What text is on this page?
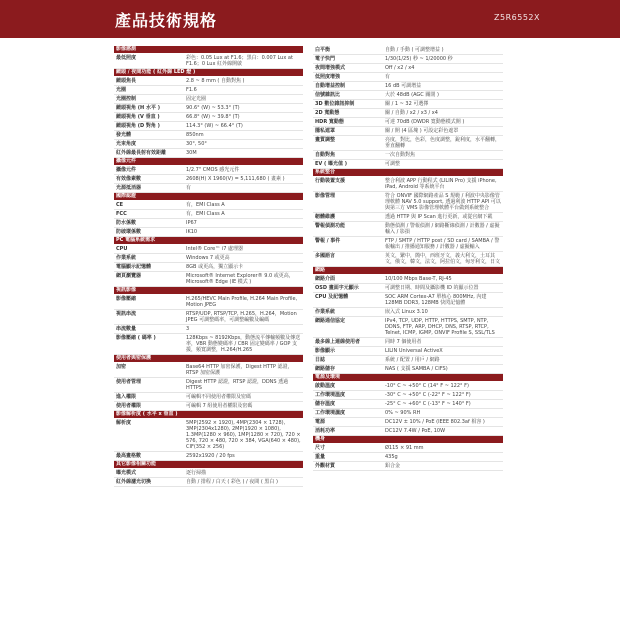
產品技術規格	Z5R6552X
影像感測
最低照度	彩色：0.05 Lux at F1.6；黑白：0.007 Lux at F1.6；0 Lux 紅外線開啟
鏡頭 / 夜間功能 ( 紅外線 LED 燈 )
鏡頭焦長	2.8 ~ 8 mm ( 自動對焦 )
光圈	F1.6
光圈控制	固定光圈
鏡頭視角 (H 水平 )	90.6° (W) ~ 53.3° (T)
鏡頭視角 (V 垂直 )	66.8° (W) ~ 39.8° (T)
鏡頭視角 (D 對角 )	114.3° (W) ~ 66.4° (T)
發光體	850nm
光束角度	30°, 50°
紅外線最長射有效距離	30M
攝像元件
攝像元件	1/2.7" CMOS 感光元件
有效像素數	2608(H) X 1960(V) = 5,111,680 ( 畫素 )
光源抵消器	有
國際認證
CE	有，EMI Class A
FCC	有，EMI Class A
防水係數	IP67
防破壞係數	IK10
PC 電腦系統需求
CPU	Intel® Core™ i7 處理器
作業系統	Windows 7 或更高
電腦顯示記憶體	8GB 或更高，獨立顯示卡
網頁瀏覽器	Microsoft® Internet Explorer® 9.0 或更高，Microsoft® Edge (IE 模式 )
視訊影像
影像壓縮	H.265/HEVC Main Profile, H.264 Main Profile, Motion JPEG
視訊串流	RTSP/UDP, RTSP/TCP, H.265，H.264，Motion JPEG 可調整碼率，可調整編數及編碼
串流數量	3
影像壓縮 ( 碼率 )	128Kbps ~ 8192Kbps，動態流平傳輸頻數及傳送率，VBR 動態變碼率 / CBR 固定變碼率 / GOP 支援，頻寬調整，H.264/H.265
使用者與密保護
加密	Base64 HTTP 加密保護，Digest HTTP 認證，RTSP 加密保護
使用者管理	Digest HTTP 認證，RTSP 認證，DDNS 透過 HTTPS
進入權限	可編輯不同使用者權限及密碼
使用者權限	可編輯 7 組使用者權限及密碼
影像解析度 ( 水平 x 垂直 )
解析度	5MP(2592 × 1920), 4MP(2304 × 1728), 3MP(2304x1280), 2MP(1920 × 1080), 1.3MP(1280 × 960), 1MP(1280 × 720), 720 × 576, 720 × 480, 720 × 384, VGA(640 × 480), CIF(352 × 256)
最高畫格數	2592x1920 / 20 fps
其它影像相關功能
曝光模式	逐行掃描
紅外線濾光切換	自動 / 排程 / 白天 ( 彩色 ) / 夜間 ( 黑白 )
白平衡	自動 / 手動 ( 可調整增益 )
電子快門	1/30(1/25) 秒 ~ 1/20000 秒
夜間增強模式	Off / x2 / x4
低照度增強	有
自動增益控制	16 dB 可調增益
信號雜訊比	大於 48dB (AGC 關閉 )
3D 數位雜訊抑制	關 / 1 ~ 32 可選擇
2D 寬動態	關 / 自動 / x2 / x3 / x4
HDR 寬動態	可達 70dB (DWDR 寬動態模式開 )
隱私遮罩	關 / 開 (4 區塊 ) 可設定彩色遮罩
畫質調整	亮度，對比，色彩，色度調整，銳利度，水平翻轉，垂直翻轉
自動對焦	一次自動對焦
EV ( 曝光值 )	可調整
系統整合
行動裝置支援	整合利波 APP 行動程式 (LILIN Pro) 支援 iPhone, iPad, Android 等系統平台
影像管理	符合 ONVIF 國際網路產品 S 規範 / 利波中央影像管理軟體 NAV 5.0 support, 透過利波 HTTP API 可以與第三方 VMS 影像管理軟體平台做到系統整合
韌體維護	透過 HTTP 與 IP Scan 進行更新，或從官網下載
警報偵測功能	動態偵測 / 警報偵測 / 網路斷線偵測 / 計數器 / 虛擬輸入 / 影損
警報 / 事件	FTP / SMTP / HTTP post / SD card / SAMBA / 警報輸出 / 推播通知服務 / 計數器 / 虛擬輸入
多國語言	英文，繁中，簡中，西班牙文，義大利文，土耳其文，俄文，韓文，法文，阿拉伯文，匈牙利文，日文
網路
網路介面	10/100 Mbps Base-T, RJ-45
OSD 畫面字元顯示	可調整日期、時間及攝影機 ID 的顯示位置
CPU 及記憶體	SOC ARM Cortex-A7 單核心 800MHz, 內建 128MB DDR3, 128MB 快閃記憶體
作業系統	嵌入式 Linux 3.10
網路通信協定	IPv4, TCP, UDP, HTTP, HTTPS, SMTP, NTP, DDNS, FTP, ARP, DHCP, DNS, RTSP, RTCP, Telnet, ICMP, IGMP, ONVIF Profile S, SSL/TLS
最多線上連線使用者	同時 7 個使用者
影像顯示	LILIN Universal ActiveX
日誌	系統 / 配置 / 用戶 / 網路
網路儲存	NAS ( 支援 SAMBA / CIFS)
電源及環境
啟動溫度	-10° C ~ +50° C (14° F ~ 122° F)
工作環境溫度	-30° C ~ +50° C (-22° F ~ 122° F)
儲存溫度	-25° C ~ +60° C (-13° F ~ 140° F)
工作環境濕度	0% ~ 90% RH
電源	DC12V ± 10% / PoE (IEEE 802.3af 相容 )
消耗功率	DC12V 7.4W / PoE, 10W
機身
尺寸	Ø115 × 91 mm
重量	435g
外觀材質	鋁合金
